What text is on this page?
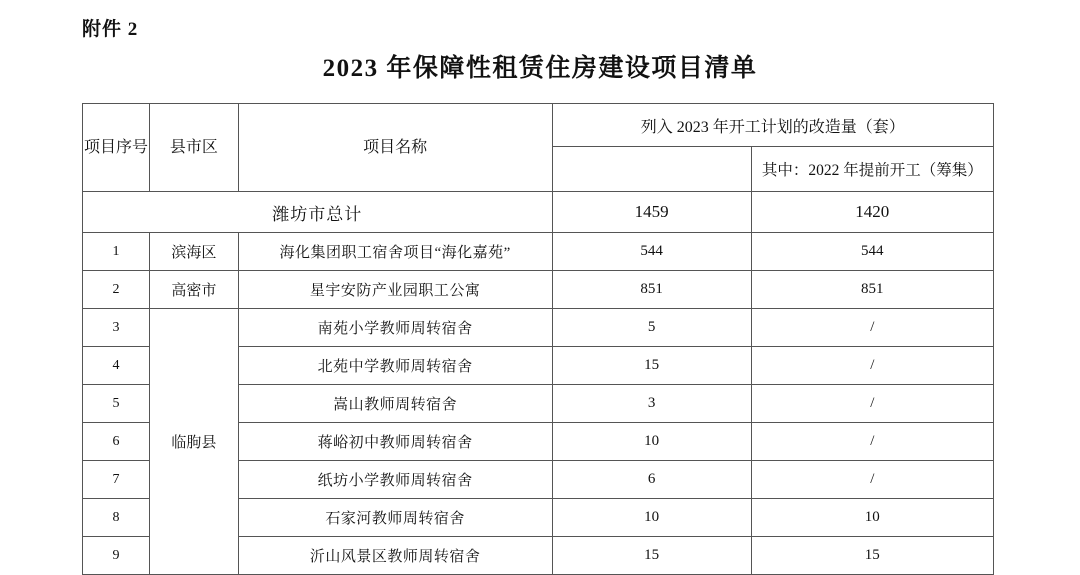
附件 2
2023 年保障性租赁住房建设项目清单
项目序号	县市区	项目名称	列入 2023 年开工计划的改造量（套）	
				其中：2022 年提前开工（筹集）
潍坊市总计			1459	1420
1	滨海区	海化集团职工宿舍项目“海化嘉苑”	544	544
2	高密市	星宇安防产业园职工公寓	851	851
3	临朐县	南苑小学教师周转宿舍	5	/
4		北苑中学教师周转宿舍	15	/
5		嵩山教师周转宿舍	3	/
6		蒋峪初中教师周转宿舍	10	/
7		纸坊小学教师周转宿舍	6	/
8		石家河教师周转宿舍	10	10
9		沂山风景区教师周转宿舍	15	15
